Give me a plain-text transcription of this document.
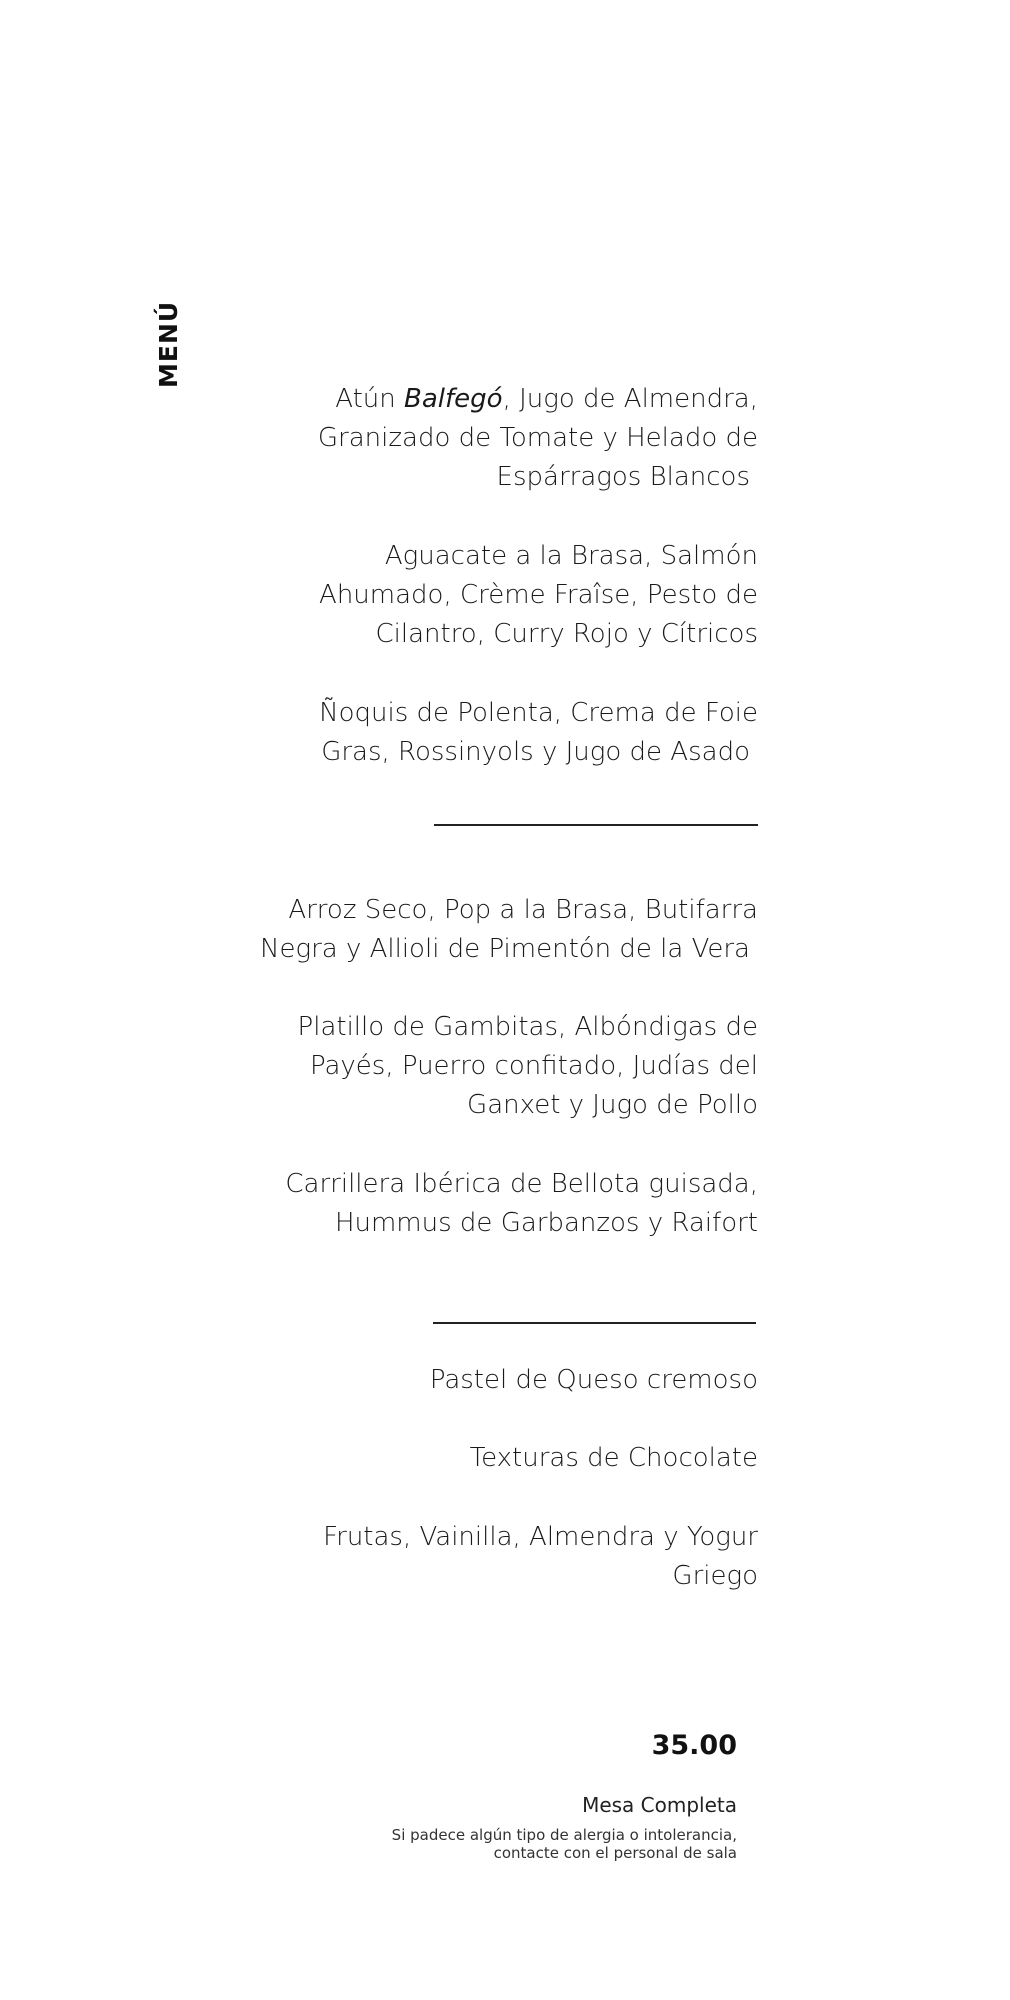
MENÚ
Atún Balfegó, Jugo de Almendra,
Granizado de Tomate y Helado de
Espárragos Blancos
Aguacate a la Brasa, Salmón
Ahumado, Crème Fraîse, Pesto de
Cilantro, Curry Rojo y Cítricos
Ñoquis de Polenta, Crema de Foie
Gras, Rossinyols y Jugo de Asado
Arroz Seco, Pop a la Brasa, Butifarra
Negra y Allioli de Pimentón de la Vera
Platillo de Gambitas, Albóndigas de
Payés, Puerro confitado, Judías del
Ganxet y Jugo de Pollo
Carrillera Ibérica de Bellota guisada,
Hummus de Garbanzos y Raifort
Pastel de Queso cremoso
Texturas de Chocolate
Frutas, Vainilla, Almendra y Yogur
Griego
35.00
Mesa Completa
Si padece algún tipo de alergia o intolerancia,
contacte con el personal de sala
